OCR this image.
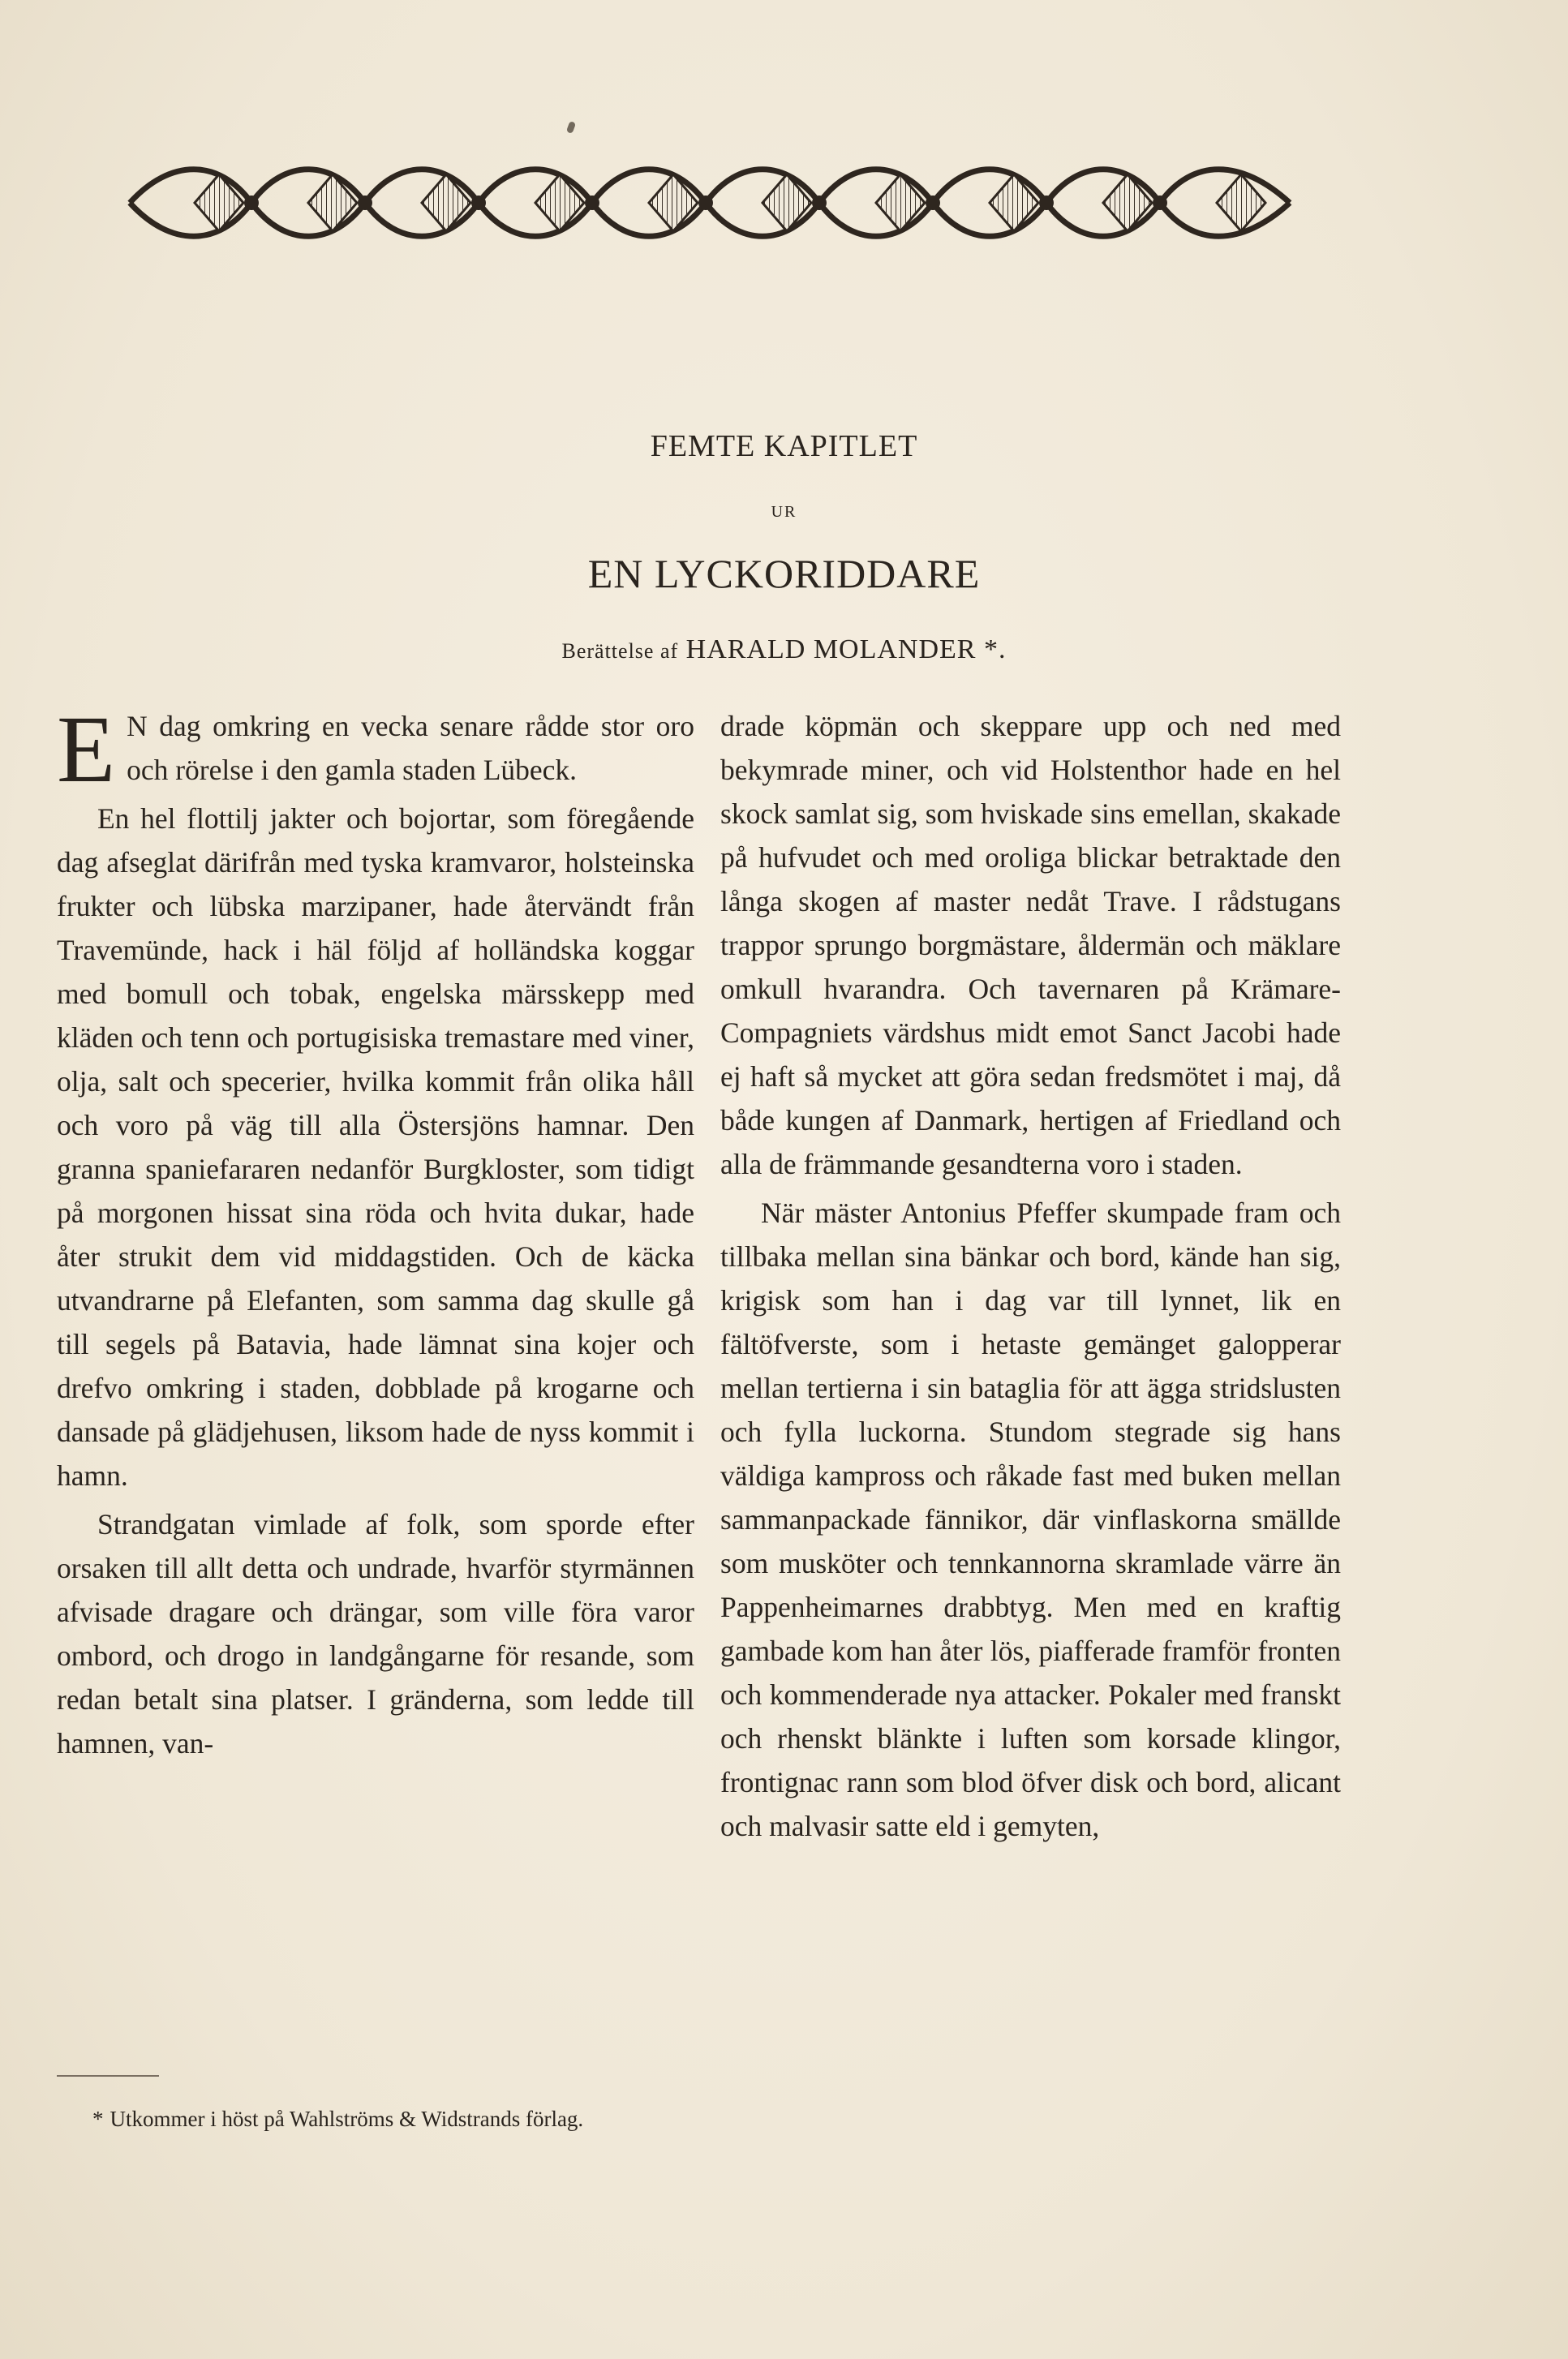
FEMTE KAPITLET
UR
EN LYCKORIDDARE
Berättelse af HARALD MOLANDER *.

E N dag omkring en vecka senare rådde stor oro och rörelse i den gamla staden Lübeck.

En hel flottilj jakter och bojortar, som föregående dag afseglat därifrån med tyska kramvaror, holsteinska frukter och lübska marzipaner, hade återvändt från Travemünde, hack i häl följd af holländska koggar med bomull och tobak, engelska märsskepp med kläden och tenn och portugisiska tremastare med viner, olja, salt och specerier, hvilka kommit från olika håll och voro på väg till alla Östersjöns hamnar. Den granna spaniefararen nedanför Burgkloster, som tidigt på morgonen hissat sina röda och hvita dukar, hade åter strukit dem vid middagstiden. Och de käcka utvandrarne på Elefanten, som samma dag skulle gå till segels på Batavia, hade lämnat sina kojer och drefvo omkring i staden, dobblade på krogarne och dansade på glädjehusen, liksom hade de nyss kommit i hamn.

Strandgatan vimlade af folk, som sporde efter orsaken till allt detta och undrade, hvarför styrmännen afvisade dragare och drängar, som ville föra varor ombord, och drogo in landgångarne för resande, som redan betalt sina platser. I gränderna, som ledde till hamnen, van-

drade köpmän och skeppare upp och ned med bekymrade miner, och vid Holstenthor hade en hel skock samlat sig, som hviskade sins emellan, skakade på hufvudet och med oroliga blickar betraktade den långa skogen af master nedåt Trave. I rådstugans trappor sprungo borgmästare, åldermän och mäklare omkull hvarandra. Och tavernaren på Krämare-Compagniets värdshus midt emot Sanct Jacobi hade ej haft så mycket att göra sedan fredsmötet i maj, då både kungen af Danmark, hertigen af Friedland och alla de främmande gesandterna voro i staden.

När mäster Antonius Pfeffer skumpade fram och tillbaka mellan sina bänkar och bord, kände han sig, krigisk som han i dag var till lynnet, lik en fältöfverste, som i hetaste gemänget galopperar mellan tertierna i sin bataglia för att ägga stridslusten och fylla luckorna. Stundom stegrade sig hans väldiga kampross och råkade fast med buken mellan sammanpackade fännikor, där vinflaskorna smällde som musköter och tennkannorna skramlade värre än Pappenheimarnes drabbtyg. Men med en kraftig gambade kom han åter lös, piafferade framför fronten och kommenderade nya attacker. Pokaler med franskt och rhenskt blänkte i luften som korsade klingor, frontignac rann som blod öfver disk och bord, alicant och malvasir satte eld i gemyten,

* Utkommer i höst på Wahlströms & Widstrands förlag.
